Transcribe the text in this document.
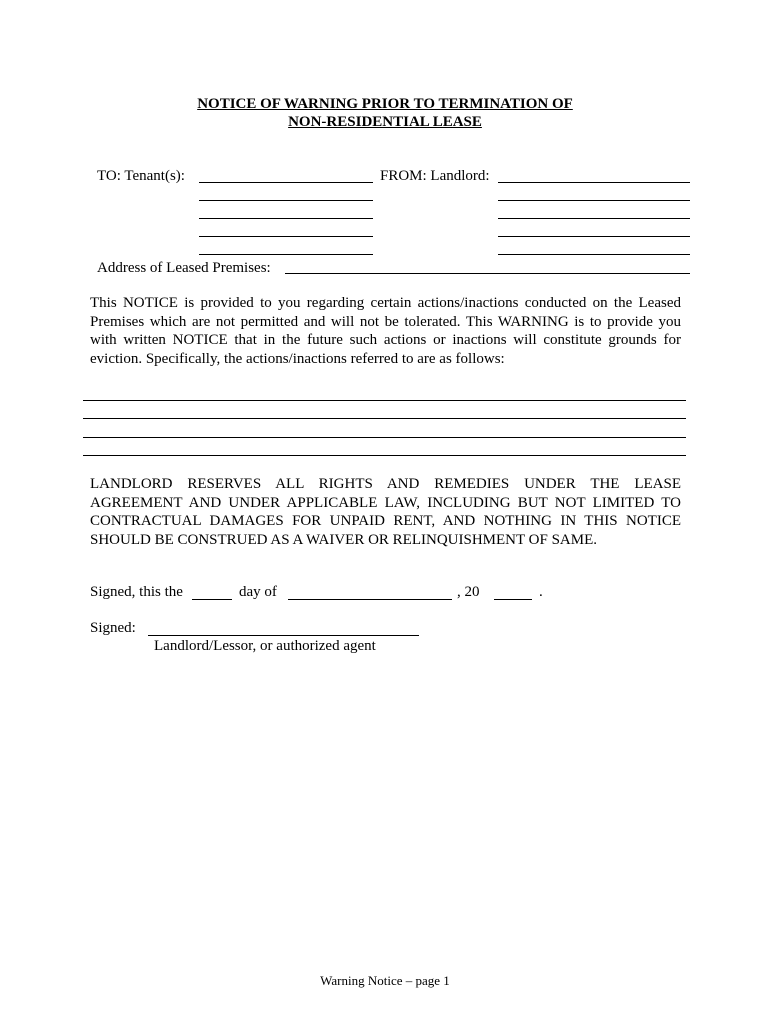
NOTICE OF WARNING PRIOR TO TERMINATION OF
NON-RESIDENTIAL LEASE
TO: Tenant(s):	FROM: Landlord:
Address of Leased Premises:
This NOTICE is provided to you regarding certain actions/inactions conducted on the Leased Premises which are not permitted and will not be tolerated. This WARNING is to provide you with written NOTICE that in the future such actions or inactions will constitute grounds for eviction. Specifically, the actions/inactions referred to are as follows:
LANDLORD RESERVES ALL RIGHTS AND REMEDIES UNDER THE LEASE AGREEMENT AND UNDER APPLICABLE LAW, INCLUDING BUT NOT LIMITED TO CONTRACTUAL DAMAGES FOR UNPAID RENT, AND NOTHING IN THIS NOTICE SHOULD BE CONSTRUED AS A WAIVER OR RELINQUISHMENT OF SAME.
Signed, this the	day of	, 20	.
Signed:
Landlord/Lessor, or authorized agent
Warning Notice – page 1
